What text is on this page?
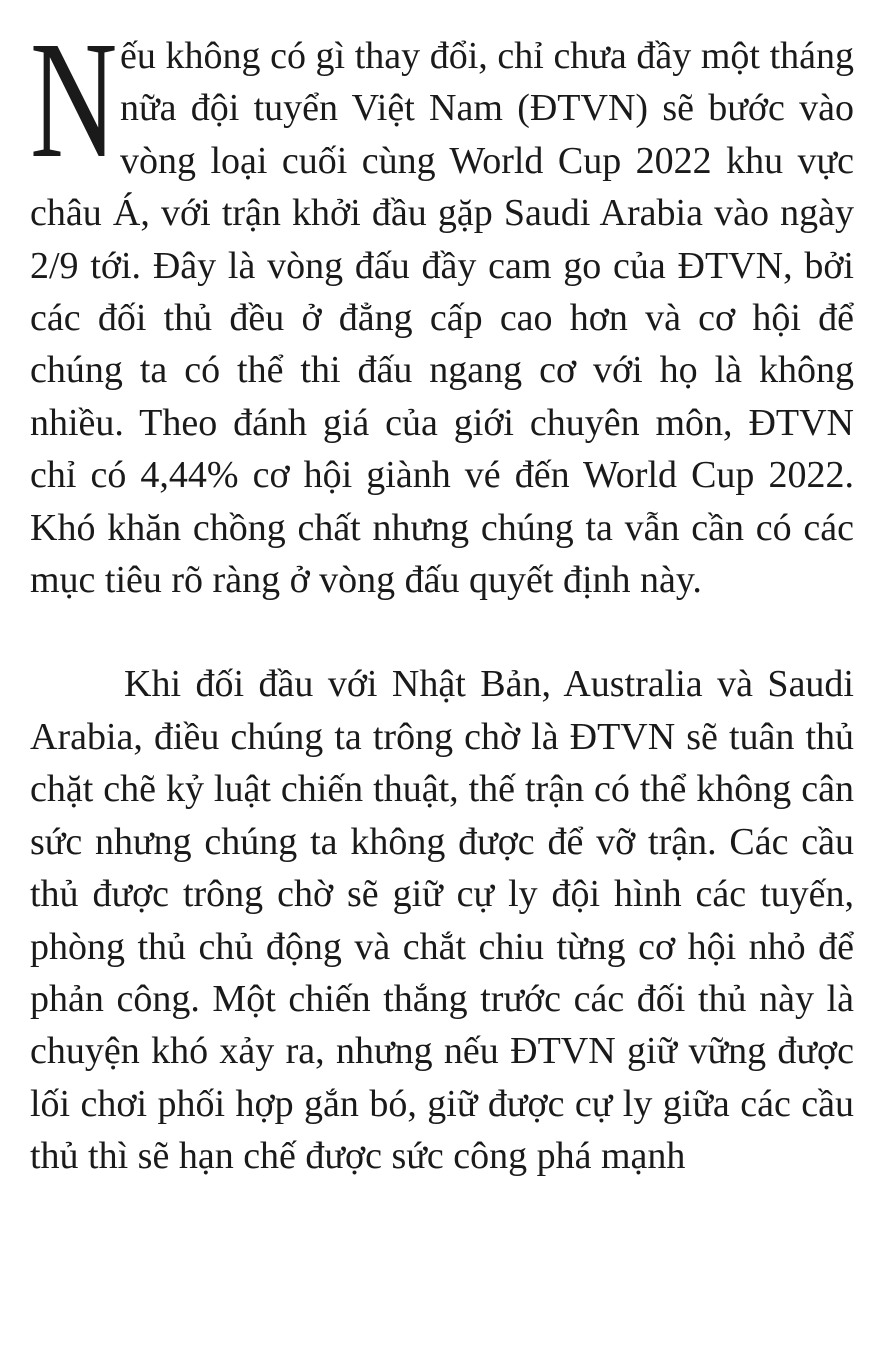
Nếu không có gì thay đổi, chỉ chưa đầy một tháng nữa đội tuyển Việt Nam (ĐTVN) sẽ bước vào vòng loại cuối cùng World Cup 2022 khu vực châu Á, với trận khởi đầu gặp Saudi Arabia vào ngày 2/9 tới. Đây là vòng đấu đầy cam go của ĐTVN, bởi các đối thủ đều ở đẳng cấp cao hơn và cơ hội để chúng ta có thể thi đấu ngang cơ với họ là không nhiều. Theo đánh giá của giới chuyên môn, ĐTVN chỉ có 4,44% cơ hội giành vé đến World Cup 2022. Khó khăn chồng chất nhưng chúng ta vẫn cần có các mục tiêu rõ ràng ở vòng đấu quyết định này.

Khi đối đầu với Nhật Bản, Australia và Saudi Arabia, điều chúng ta trông chờ là ĐTVN sẽ tuân thủ chặt chẽ kỷ luật chiến thuật, thế trận có thể không cân sức nhưng chúng ta không được để vỡ trận. Các cầu thủ được trông chờ sẽ giữ cự ly đội hình các tuyến, phòng thủ chủ động và chắt chiu từng cơ hội nhỏ để phản công. Một chiến thắng trước các đối thủ này là chuyện khó xảy ra, nhưng nếu ĐTVN giữ vững được lối chơi phối hợp gắn bó, giữ được cự ly giữa các cầu thủ thì sẽ hạn chế được sức công phá mạnh
